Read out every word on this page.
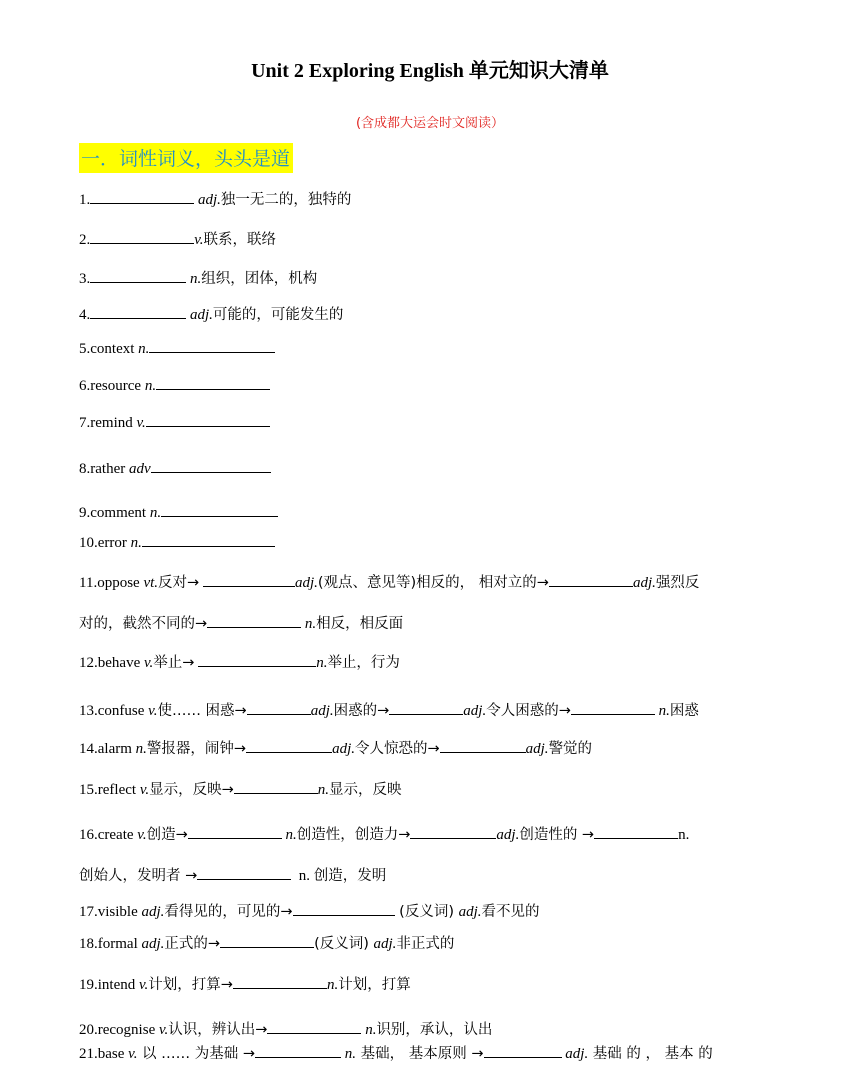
Unit 2 Exploring English 单元知识大清单
(含成都大运会时文阅读）
一．词性词义，头头是道
1.	adj.独一无二的，独特的
2.	v.联系，联络
3.	n.组织，团体，机构
4.	adj.可能的，可能发生的
5.context n.
6.resource n.
7.remind v.
8.rather adv
9.comment n.
10.error n.
11.oppose vt.反对→	adj.(观点、意见等)相反的， 相对立的→	adj.强烈反
对的，截然不同的→	n.相反，相反面
12.behave v.举止→	n.举止，行为
13.confuse v.使…… 困惑→	adj.困惑的→	adj.令人困惑的→	n.困惑
14.alarm n.警报器，闹钟→	adj.令人惊恐的→	adj.警觉的
15.reflect v.显示，反映→	n.显示，反映
16.create v.创造→	n.创造性，创造力→	adj.创造性的 →	n.
创始人，发明者 →	n. 创造，发明
17.visible adj.看得见的，可见的→	(反义词) adj.看不见的
18.formal adj.正式的→	(反义词) adj.非正式的
19.intend v.计划，打算→	n.计划，打算
20.recognise v.认识，辨认出→	n.识别，承认，认出
21.base v. 以 …… 为基础 →	n. 基础， 基本原则 →	adj. 基础 的 ， 基本 的
